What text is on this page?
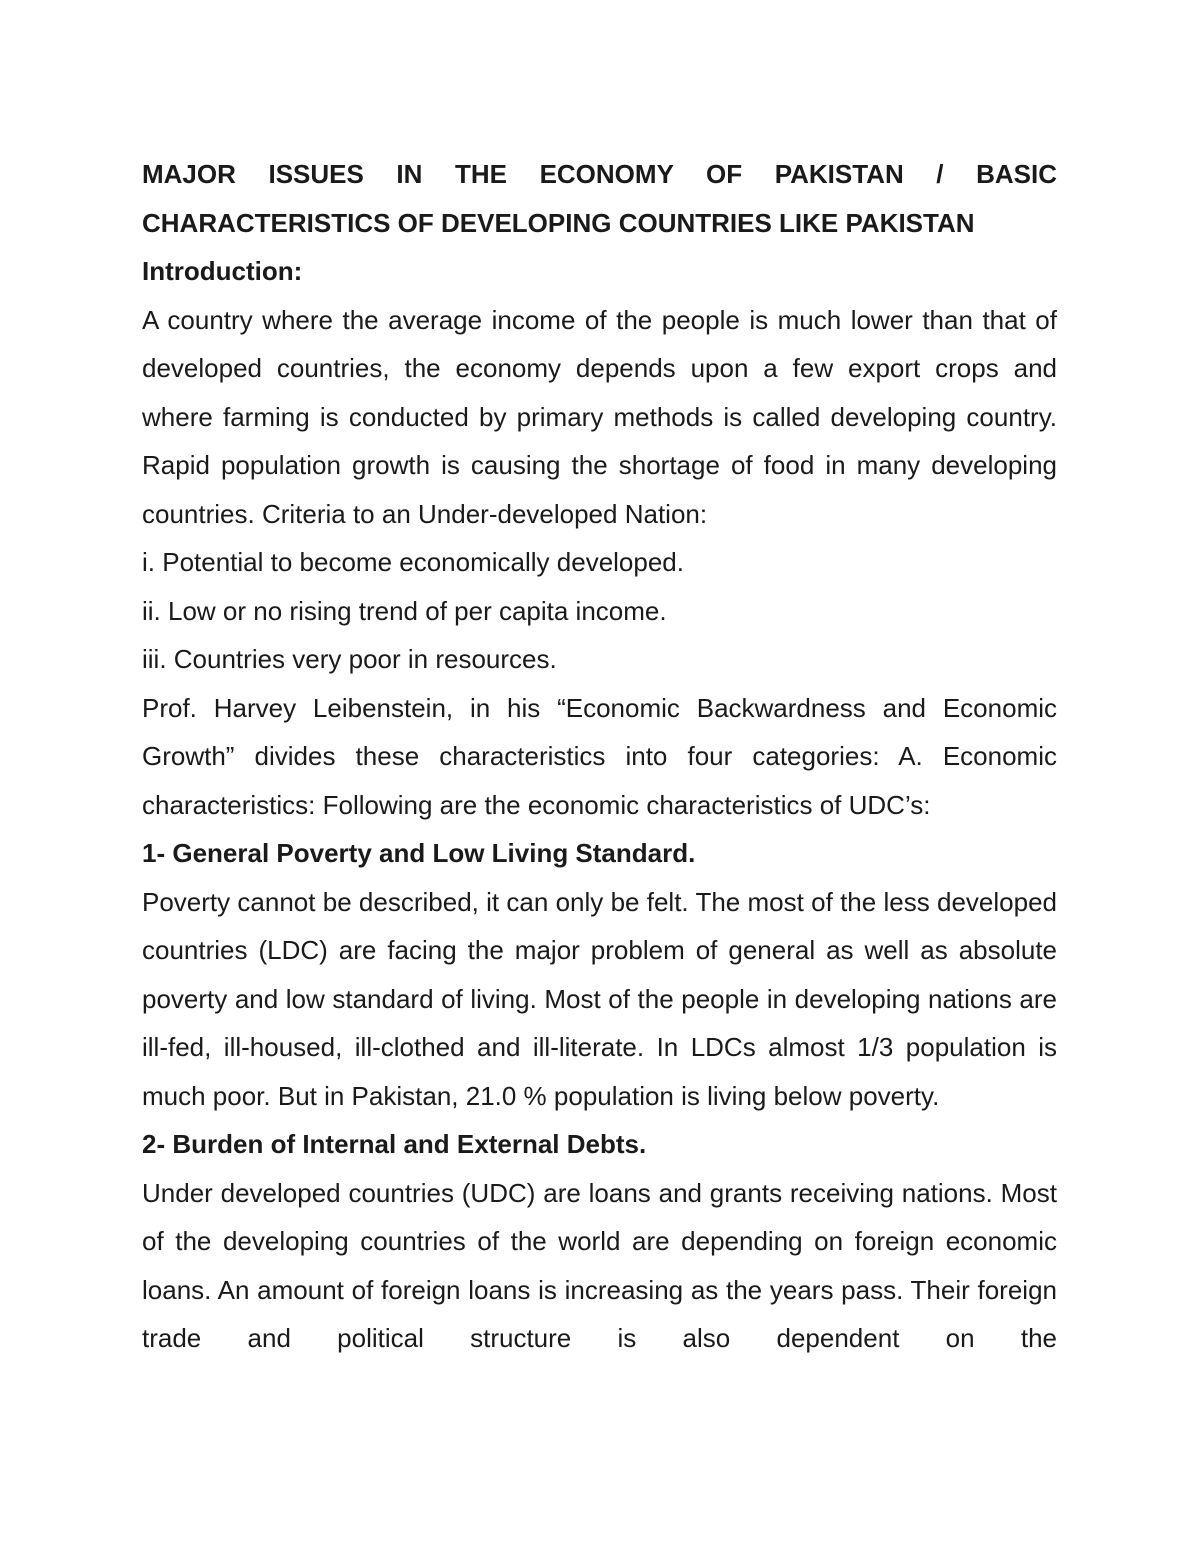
MAJOR ISSUES IN THE ECONOMY OF PAKISTAN / BASIC CHARACTERISTICS OF DEVELOPING COUNTRIES LIKE PAKISTAN

Introduction:

A country where the average income of the people is much lower than that of developed countries, the economy depends upon a few export crops and where farming is conducted by primary methods is called developing country. Rapid population growth is causing the shortage of food in many developing countries. Criteria to an Under-developed Nation:

i. Potential to become economically developed.

ii. Low or no rising trend of per capita income.

iii. Countries very poor in resources.

Prof. Harvey Leibenstein, in his “Economic Backwardness and Economic Growth” divides these characteristics into four categories: A. Economic characteristics: Following are the economic characteristics of UDC’s:

1- General Poverty and Low Living Standard.

Poverty cannot be described, it can only be felt. The most of the less developed countries (LDC) are facing the major problem of general as well as absolute poverty and low standard of living. Most of the people in developing nations are ill-fed, ill-housed, ill-clothed and ill-literate. In LDCs almost 1/3 population is much poor. But in Pakistan, 21.0 % population is living below poverty.

2- Burden of Internal and External Debts.

Under developed countries (UDC) are loans and grants receiving nations. Most of the developing countries of the world are depending on foreign economic loans. An amount of foreign loans is increasing as the years pass. Their foreign trade and political structure is also dependent on the
